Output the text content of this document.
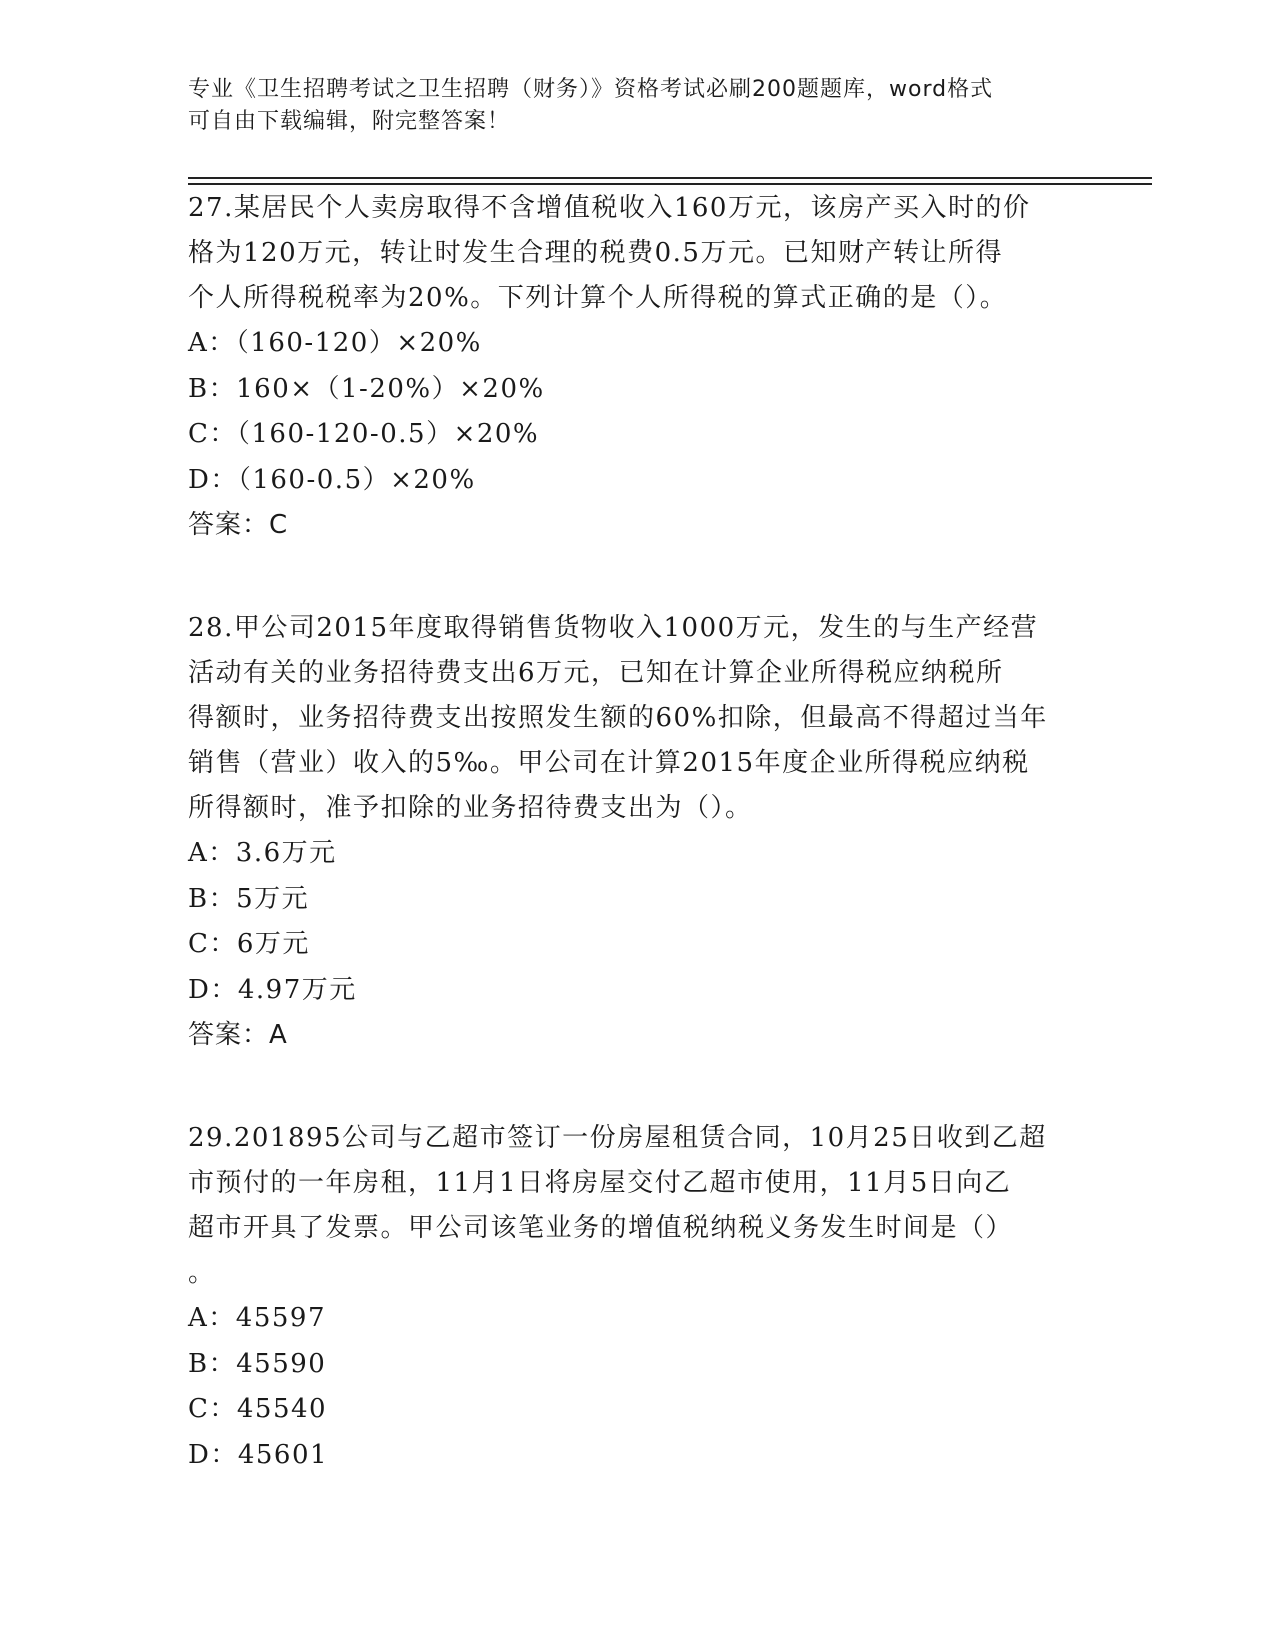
专业《卫生招聘考试之卫生招聘（财务）》资格考试必刷200题题库，word格式
可自由下载编辑，附完整答案！
27.某居民个人卖房取得不含增值税收入160万元，该房产买入时的价
格为120万元，转让时发生合理的税费0.5万元。已知财产转让所得
个人所得税税率为20%。下列计算个人所得税的算式正确的是（）。
A：（160-120）×20%
B：160×（1-20%）×20%
C：（160-120-0.5）×20%
D：（160-0.5）×20%
答案：C
28.甲公司2015年度取得销售货物收入1000万元，发生的与生产经营
活动有关的业务招待费支出6万元，已知在计算企业所得税应纳税所
得额时，业务招待费支出按照发生额的60%扣除，但最高不得超过当年
销售（营业）收入的5‰。甲公司在计算2015年度企业所得税应纳税
所得额时，准予扣除的业务招待费支出为（）。
A：3.6万元
B：5万元
C：6万元
D：4.97万元
答案：A
29.201895公司与乙超市签订一份房屋租赁合同，10月25日收到乙超
市预付的一年房租，11月1日将房屋交付乙超市使用，11月5日向乙
超市开具了发票。甲公司该笔业务的增值税纳税义务发生时间是（）
。
A：45597
B：45590
C：45540
D：45601
